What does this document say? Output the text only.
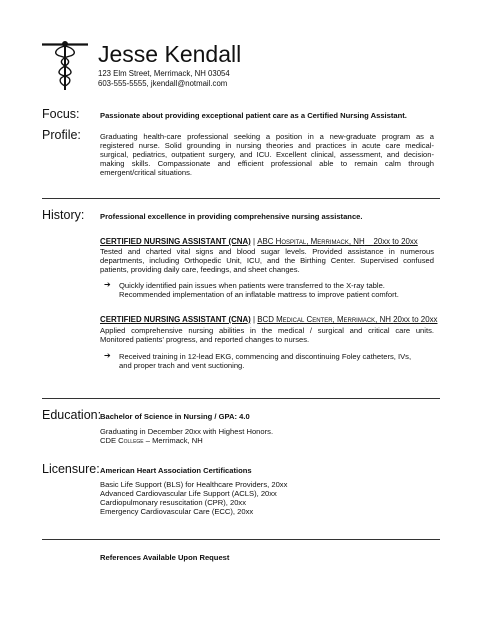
Jesse Kendall
123 Elm Street, Merrimack, NH 03054
603-555-5555, jkendall@notmail.com
Focus:	Passionate about providing exceptional patient care as a Certified Nursing Assistant.
Profile:	Graduating health-care professional seeking a position in a new-graduate program as a
registered nurse. Solid grounding in nursing theories and practices in acute care medical-
surgical, pediatrics, outpatient surgery, and ICU. Excellent clinical, assessment, and decision-
making skills. Compassionate and efficient professional able to remain calm through
emergent/critical situations.
History: Professional excellence in providing comprehensive nursing assistance.
CERTIFIED NURSING ASSISTANT (CNA) | ABC Hospital, Merrimack, NH 20xx to 20xx
Tested and charted vital signs and blood sugar levels. Provided assistance in numerous
departments, including Orthopedic Unit, ICU, and the Birthing Center. Supervised confused
patients, providing daily care, feedings, and sheet changes.
➔ Quickly identified pain issues when patients were transferred to the X-ray table.
Recommended implementation of an inflatable mattress to improve patient comfort.
CERTIFIED NURSING ASSISTANT (CNA) | BCD Medical Center, Merrimack, NH 20xx to 20xx
Applied comprehensive nursing abilities in the medical / surgical and critical care units.
Monitored patients' progress, and reported changes to nurses.
➔ Received training in 12-lead EKG, commencing and discontinuing Foley catheters, IVs,
and proper trach and vent suctioning.
Education:
Bachelor of Science in Nursing / GPA: 4.0
Graduating in December 20xx with Highest Honors.
CDE College – Merrimack, NH
Licensure: American Heart Association Certifications
Basic Life Support (BLS) for Healthcare Providers, 20xx
Advanced Cardiovascular Life Support (ACLS), 20xx
Cardiopulmonary resuscitation (CPR), 20xx
Emergency Cardiovascular Care (ECC), 20xx
References Available Upon Request
